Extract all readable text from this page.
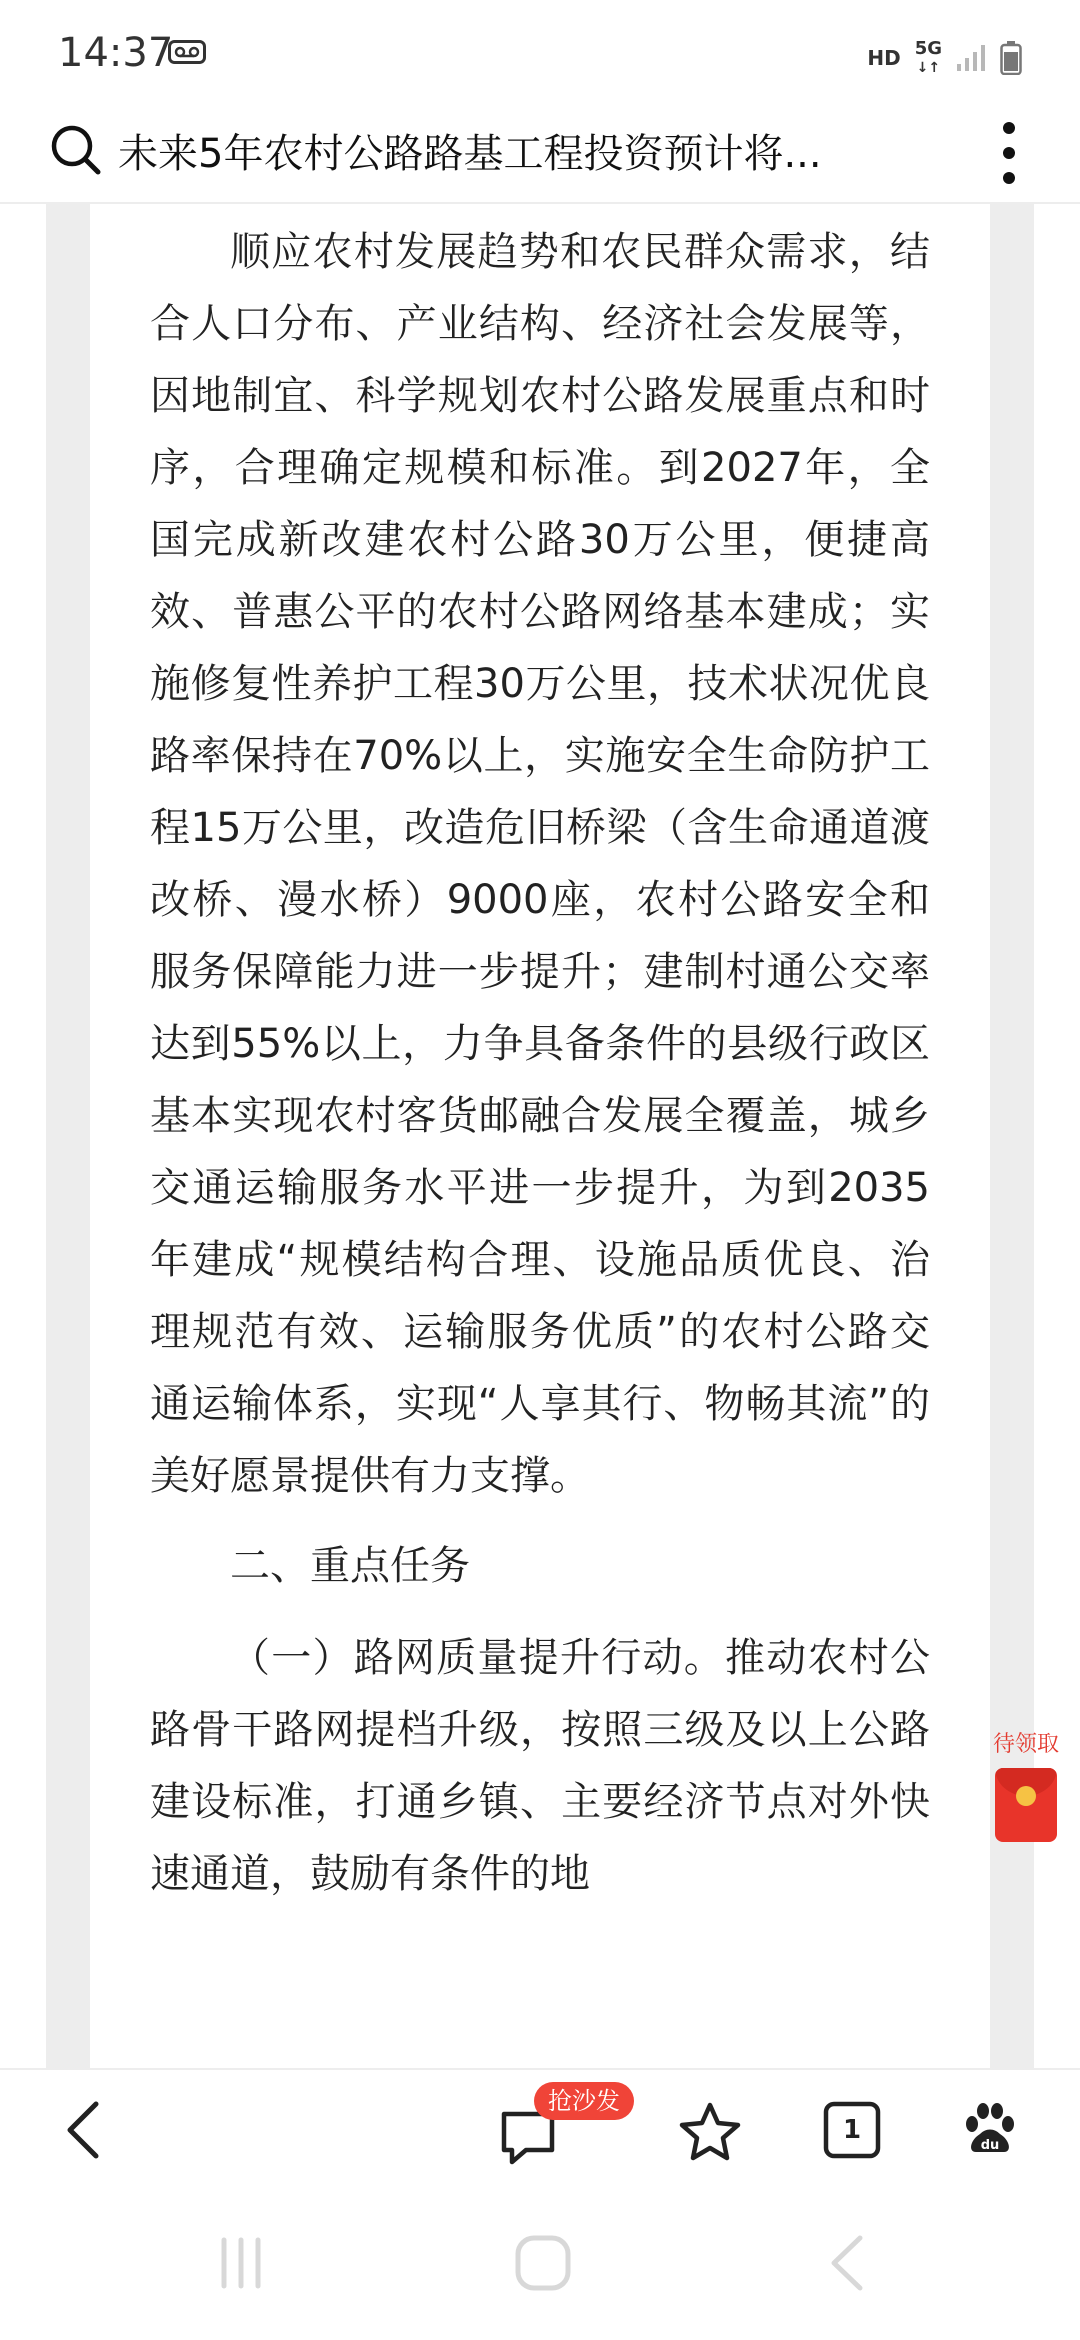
14:37	HD 5G
↓↑
未来5年农村公路路基工程投资预计将...

顺应农村发展趋势和农民群众需求，结合人口分布、产业结构、经济社会发展等，因地制宜、科学规划农村公路发展重点和时序，合理确定规模和标准。到2027年，全国完成新改建农村公路30万公里，便捷高效、普惠公平的农村公路网络基本建成；实施修复性养护工程30万公里，技术状况优良路率保持在70%以上，实施安全生命防护工程15万公里，改造危旧桥梁（含生命通道渡改桥、漫水桥）9000座，农村公路安全和服务保障能力进一步提升；建制村通公交率达到55%以上，力争具备条件的县级行政区基本实现农村客货邮融合发展全覆盖，城乡交通运输服务水平进一步提升，为到2035年建成“规模结构合理、设施品质优良、治理规范有效、运输服务优质”的农村公路交通运输体系，实现“人享其行、物畅其流”的美好愿景提供有力支撑。

二、重点任务

（一）路网质量提升行动。推动农村公路骨干路网提档升级，按照三级及以上公路建设标准，打通乡镇、主要经济节点对外快速通道，鼓励有条件的地

待领取
抢沙发
1
du
